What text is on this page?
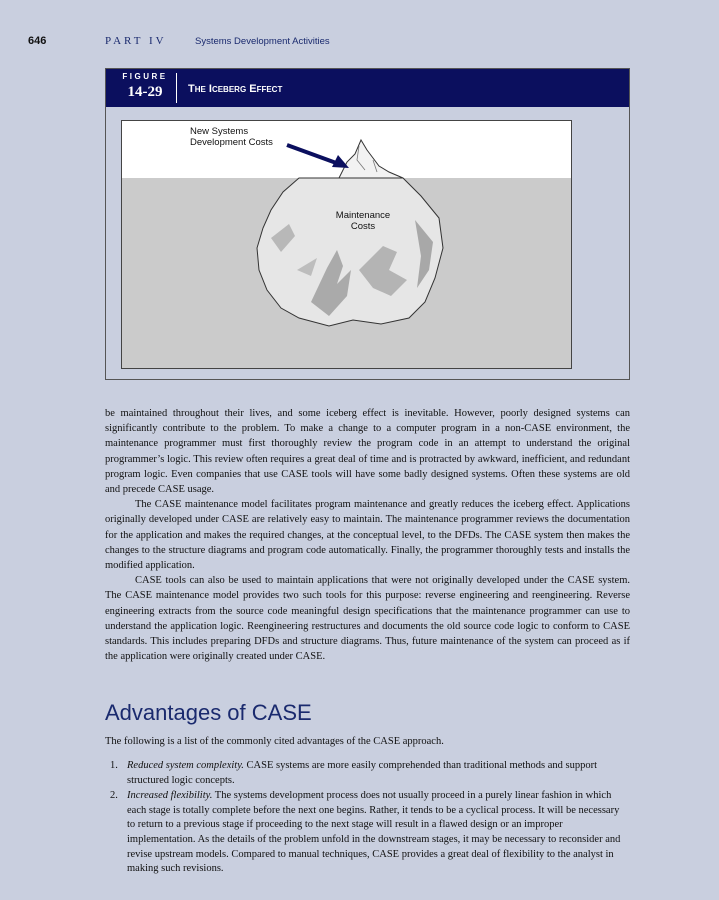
646	PART IV	Systems Development Activities
FIGURE
14-29	The Iceberg Effect
New Systems
Development Costs
Maintenance
Costs

be maintained throughout their lives, and some iceberg effect is inevitable. However, poorly designed systems can significantly contribute to the problem. To make a change to a computer program in a non-CASE environment, the maintenance programmer must first thoroughly review the program code in an attempt to understand the original programmer’s logic. This review often requires a great deal of time and is protracted by awkward, inefficient, and redundant program logic. Even companies that use CASE tools will have some badly designed systems. Often these systems are old and precede CASE usage.

The CASE maintenance model facilitates program maintenance and greatly reduces the iceberg effect. Applications originally developed under CASE are relatively easy to maintain. The maintenance programmer reviews the documentation for the application and makes the required changes, at the conceptual level, to the DFDs. The CASE system then makes the changes to the structure diagrams and program code automatically. Finally, the programmer thoroughly tests and installs the modified application.

CASE tools can also be used to maintain applications that were not originally developed under the CASE system. The CASE maintenance model provides two such tools for this purpose: reverse engineering and reengineering. Reverse engineering extracts from the source code meaningful design specifications that the maintenance programmer can use to understand the application logic. Reengineering restructures and documents the old source code logic to conform to CASE standards. This includes preparing DFDs and structure diagrams. Thus, future maintenance of the system can proceed as if the application were originally created under CASE.

Advantages of CASE
The following is a list of the commonly cited advantages of the CASE approach.
1. Reduced system complexity. CASE systems are more easily comprehended than traditional methods and support structured logic concepts.
2. Increased flexibility. The systems development process does not usually proceed in a purely linear fashion in which each stage is totally complete before the next one begins. Rather, it tends to be a cyclical process. It will be necessary to return to a previous stage if proceeding to the next stage will result in a flawed design or an improper implementation. As the details of the problem unfold in the downstream stages, it may be necessary to reconsider and revise upstream models. Compared to manual techniques, CASE provides a great deal of flexibility to the analyst in making such revisions.
